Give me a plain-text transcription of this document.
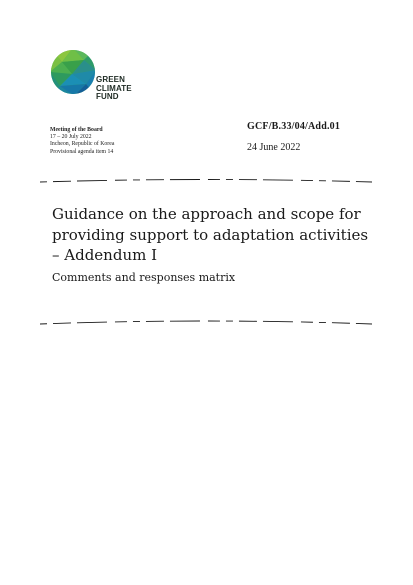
GREEN
CLIMATE
FUND
Meeting of the Board
17 – 20 July 2022
Incheon, Republic of Korea
Provisional agenda item 14
GCF/B.33/04/Add.01
24 June 2022
Guidance on the approach and scope for providing support to adaptation activities – Addendum I
Comments and responses matrix
